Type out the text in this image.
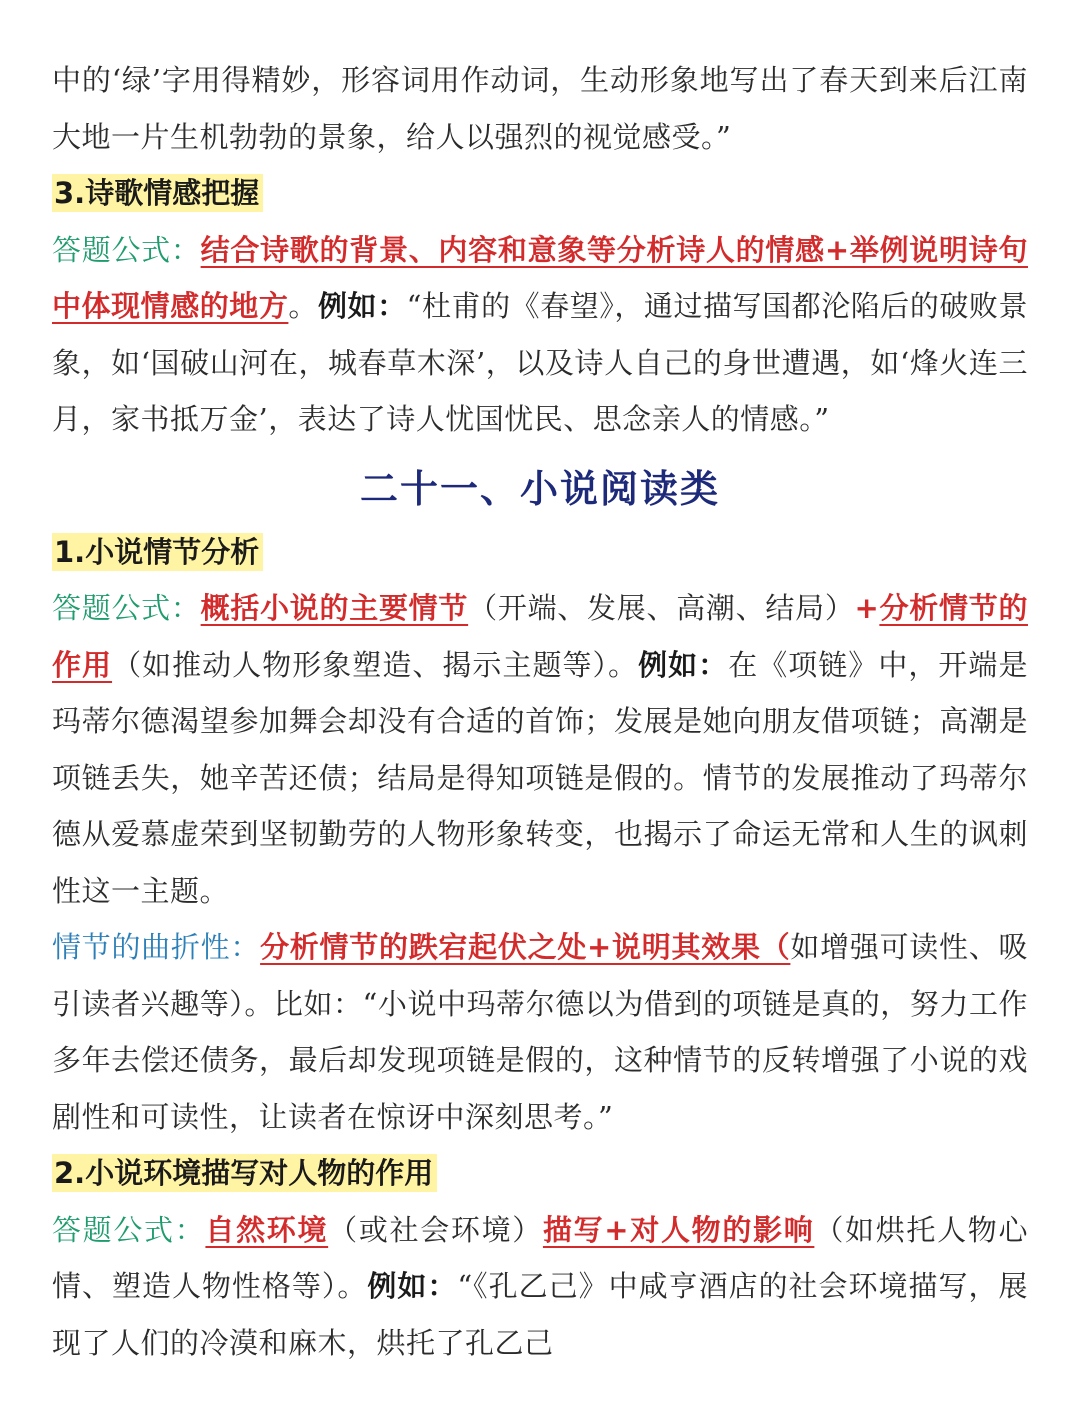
中的‘绿’字用得精妙，形容词用作动词，生动形象地写出了春天到来后江南大地一片生机勃勃的景象，给人以强烈的视觉感受。”

3.诗歌情感把握

答题公式：结合诗歌的背景、内容和意象等分析诗人的情感+举例说明诗句中体现情感的地方。例如：“杜甫的《春望》，通过描写国都沦陷后的破败景象，如‘国破山河在，城春草木深’，以及诗人自己的身世遭遇，如‘烽火连三月，家书抵万金’，表达了诗人忧国忧民、思念亲人的情感。”

二十一、小说阅读类

1.小说情节分析

答题公式：概括小说的主要情节（开端、发展、高潮、结局）+分析情节的作用（如推动人物形象塑造、揭示主题等）。例如：在《项链》中，开端是玛蒂尔德渴望参加舞会却没有合适的首饰；发展是她向朋友借项链；高潮是项链丢失，她辛苦还债；结局是得知项链是假的。情节的发展推动了玛蒂尔德从爱慕虚荣到坚韧勤劳的人物形象转变，也揭示了命运无常和人生的讽刺性这一主题。

情节的曲折性：分析情节的跌宕起伏之处+说明其效果（如增强可读性、吸引读者兴趣等）。比如：“小说中玛蒂尔德以为借到的项链是真的，努力工作多年去偿还债务，最后却发现项链是假的，这种情节的反转增强了小说的戏剧性和可读性，让读者在惊讶中深刻思考。”

2.小说环境描写对人物的作用

答题公式：自然环境（或社会环境）描写+对人物的影响（如烘托人物心情、塑造人物性格等）。例如：“《孔乙己》中咸亨酒店的社会环境描写，展现了人们的冷漠和麻木，烘托了孔乙己
